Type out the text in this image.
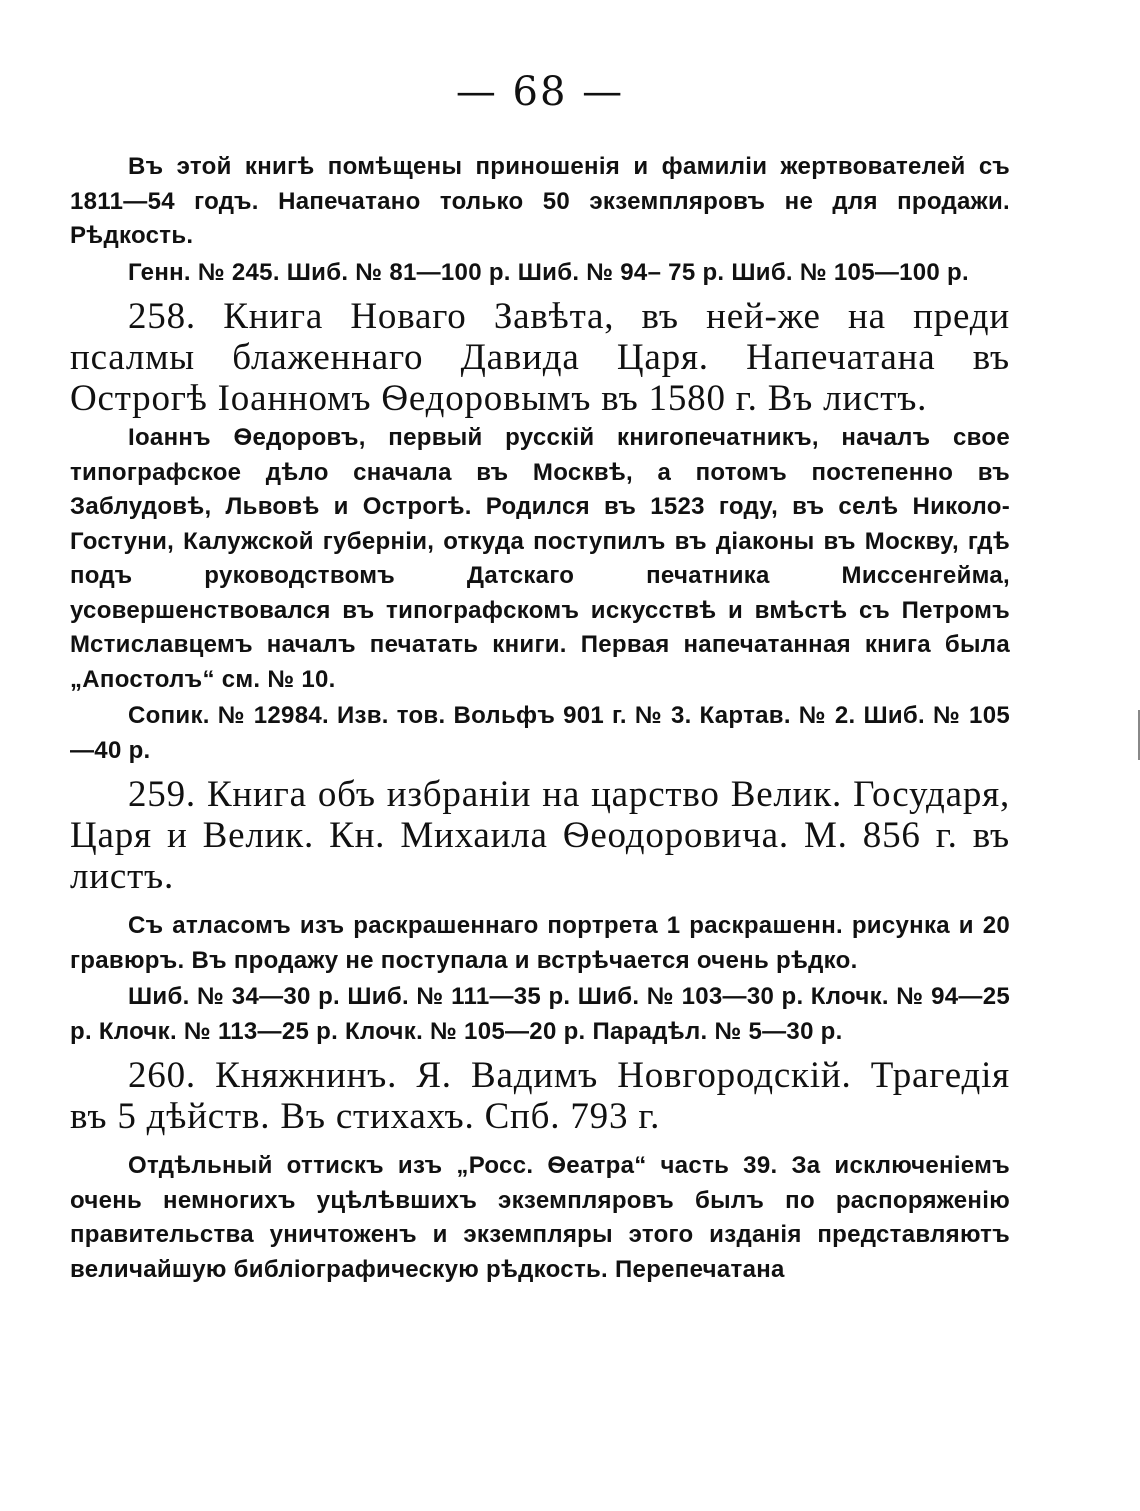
— 68 —

Въ этой книгѣ помѣщены приношенія и фамиліи жертвователей съ 1811—54 годъ. Напечатано только 50 экземпляровъ не для продажи. Рѣдкость.

Генн. № 245. Шиб. № 81—100 р. Шиб. № 94– 75 р. Шиб. № 105—100 р.

258. Книга Новаго Завѣта, въ ней-же на преди псалмы блаженнаго Давида Царя. Напечатана въ Острогѣ Іоанномъ Ѳедоровымъ въ 1580 г. Въ листъ.

Іоаннъ Ѳедоровъ, первый русскій книгопечатникъ, началъ свое типографское дѣло сначала въ Москвѣ, а потомъ постепенно въ Заблудовѣ, Львовѣ и Острогѣ. Родился въ 1523 году, въ селѣ Николо-Гостуни, Калужской губерніи, откуда поступилъ въ діаконы въ Москву, гдѣ подъ руководствомъ Датскаго печатника Миссенгейма, усовершенствовался въ типографскомъ искусствѣ и вмѣстѣ съ Петромъ Мстиславцемъ началъ печатать книги. Первая напечатанная книга была „Апостолъ“ см. № 10.

Сопик. № 12984. Изв. тов. Вольфъ 901 г. № 3. Картав. № 2. Шиб. № 105—40 р.

259. Книга объ избраніи на царство Велик. Государя, Царя и Велик. Кн. Михаила Ѳеодоровича. М. 856 г. въ листъ.

Съ атласомъ изъ раскрашеннаго портрета 1 раскрашенн. рисунка и 20 гравюръ. Въ продажу не поступала и встрѣчается очень рѣдко.

Шиб. № 34—30 р. Шиб. № 111—35 р. Шиб. № 103—30 р. Клочк. № 94—25 р. Клочк. № 113—25 р. Клочк. № 105—20 р. Парадѣл. № 5—30 р.

260. Княжнинъ. Я. Вадимъ Новгородскій. Трагедія въ 5 дѣйств. Въ стихахъ. Спб. 793 г.

Отдѣльный оттискъ изъ „Росс. Ѳеатра“ часть 39. За исключеніемъ очень немногихъ уцѣлѣвшихъ экземпляровъ былъ по распоряженію правительства уничтоженъ и экземпляры этого изданія представляютъ величайшую библіографическую рѣдкость. Перепечатана
